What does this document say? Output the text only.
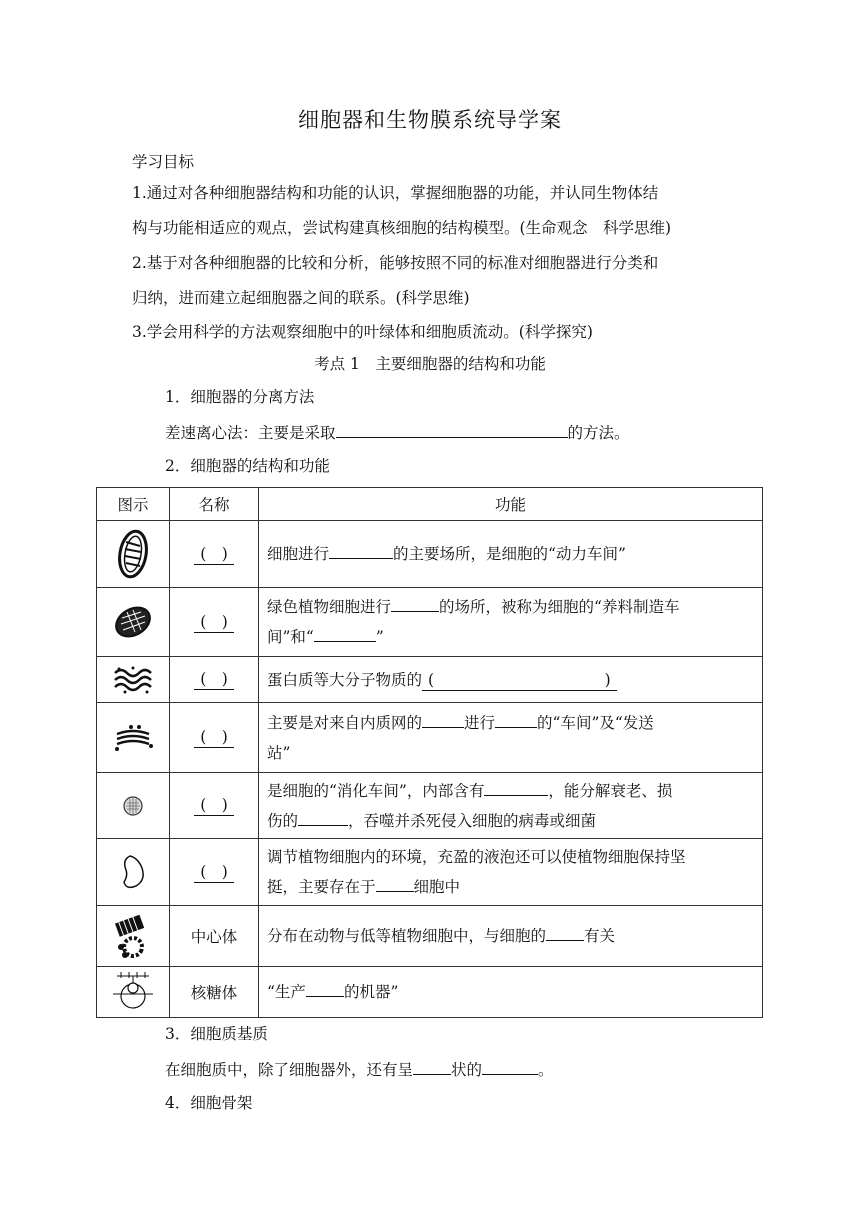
细胞器和生物膜系统导学案
学习目标
1.通过对各种细胞器结构和功能的认识，掌握细胞器的功能，并认同生物体结
构与功能相适应的观点，尝试构建真核细胞的结构模型。(生命观念　科学思维)
2.基于对各种细胞器的比较和分析，能够按照不同的标准对细胞器进行分类和
归纳，进而建立起细胞器之间的联系。(科学思维)
3.学会用科学的方法观察细胞中的叶绿体和细胞质流动。(科学探究)
考点 1　主要细胞器的结构和功能
1．细胞器的分离方法
差速离心法：主要是采取	的方法。
2．细胞器的结构和功能
图示	名称	功能

	(　)	细胞进行 的主要场所，是细胞的“动力车间”

	(　)	绿色植物细胞进行 的场所，被称为细胞的“养料制造车
间”和“ ”

	(　)	蛋白质等大分子物质的 (　　　　　　　　　　　)

	(　)	主要是对来自内质网的 进行 的“车间”及“发送
站”

	(　)	是细胞的“消化车间”，内部含有 ，能分解衰老、损
伤的 ，吞噬并杀死侵入细胞的病毒或细菌

	(　)	调节植物细胞内的环境，充盈的液泡还可以使植物细胞保持坚
挺，主要存在于 细胞中

	中心体	分布在动物与低等植物细胞中，与细胞的 有关

	核糖体	“生产 的机器”
3．细胞质基质
在细胞质中，除了细胞器外，还有呈 状的	。
4．细胞骨架
